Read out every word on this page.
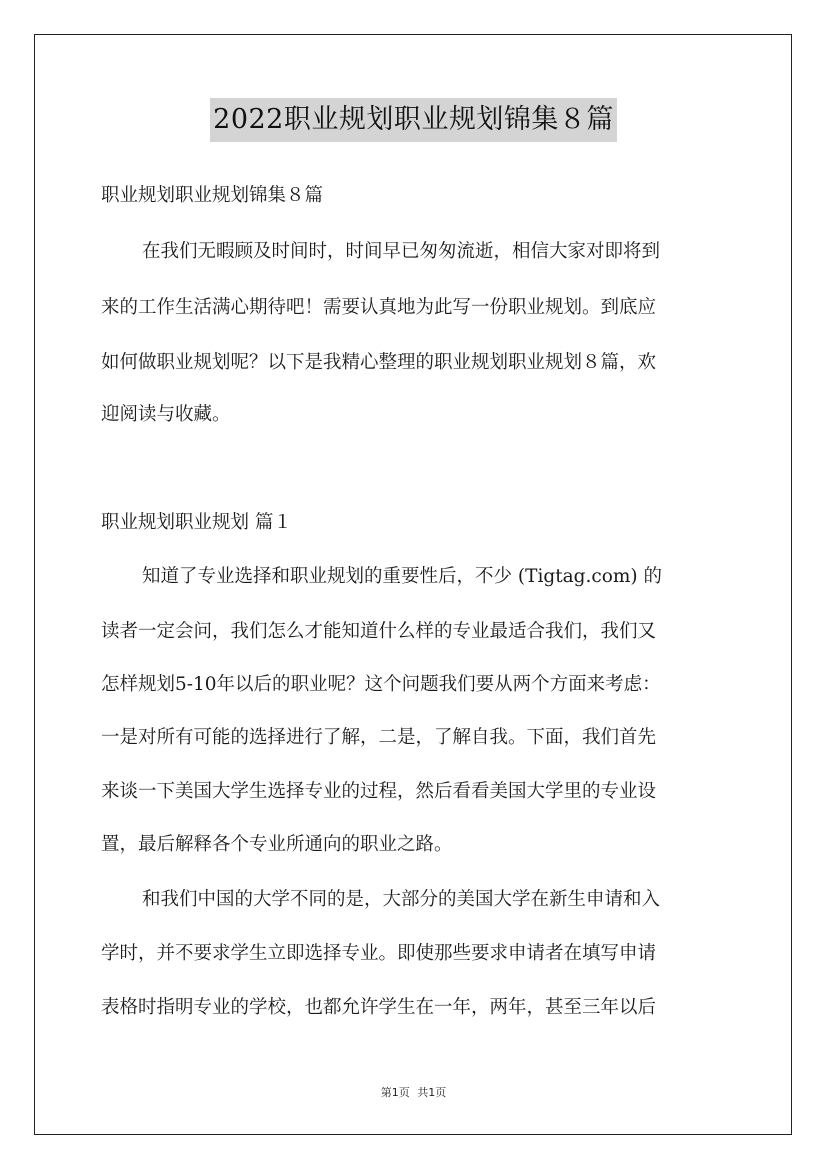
2022职业规划职业规划锦集８篇
职业规划职业规划锦集８篇
在我们无暇顾及时间时，时间早已匆匆流逝，相信大家对即将到
来的工作生活满心期待吧！需要认真地为此写一份职业规划。到底应
如何做职业规划呢？以下是我精心整理的职业规划职业规划８篇，欢
迎阅读与收藏。
职业规划职业规划 篇１
知道了专业选择和职业规划的重要性后，不少 (Tigtag.com) 的
读者一定会问，我们怎么才能知道什么样的专业最适合我们，我们又
怎样规划5-10年以后的职业呢？这个问题我们要从两个方面来考虑：
一是对所有可能的选择进行了解，二是，了解自我。下面，我们首先
来谈一下美国大学生选择专业的过程，然后看看美国大学里的专业设
置，最后解释各个专业所通向的职业之路。
和我们中国的大学不同的是，大部分的美国大学在新生申请和入
学时，并不要求学生立即选择专业。即使那些要求申请者在填写申请
表格时指明专业的学校，也都允许学生在一年，两年，甚至三年以后
第1页 共1页
